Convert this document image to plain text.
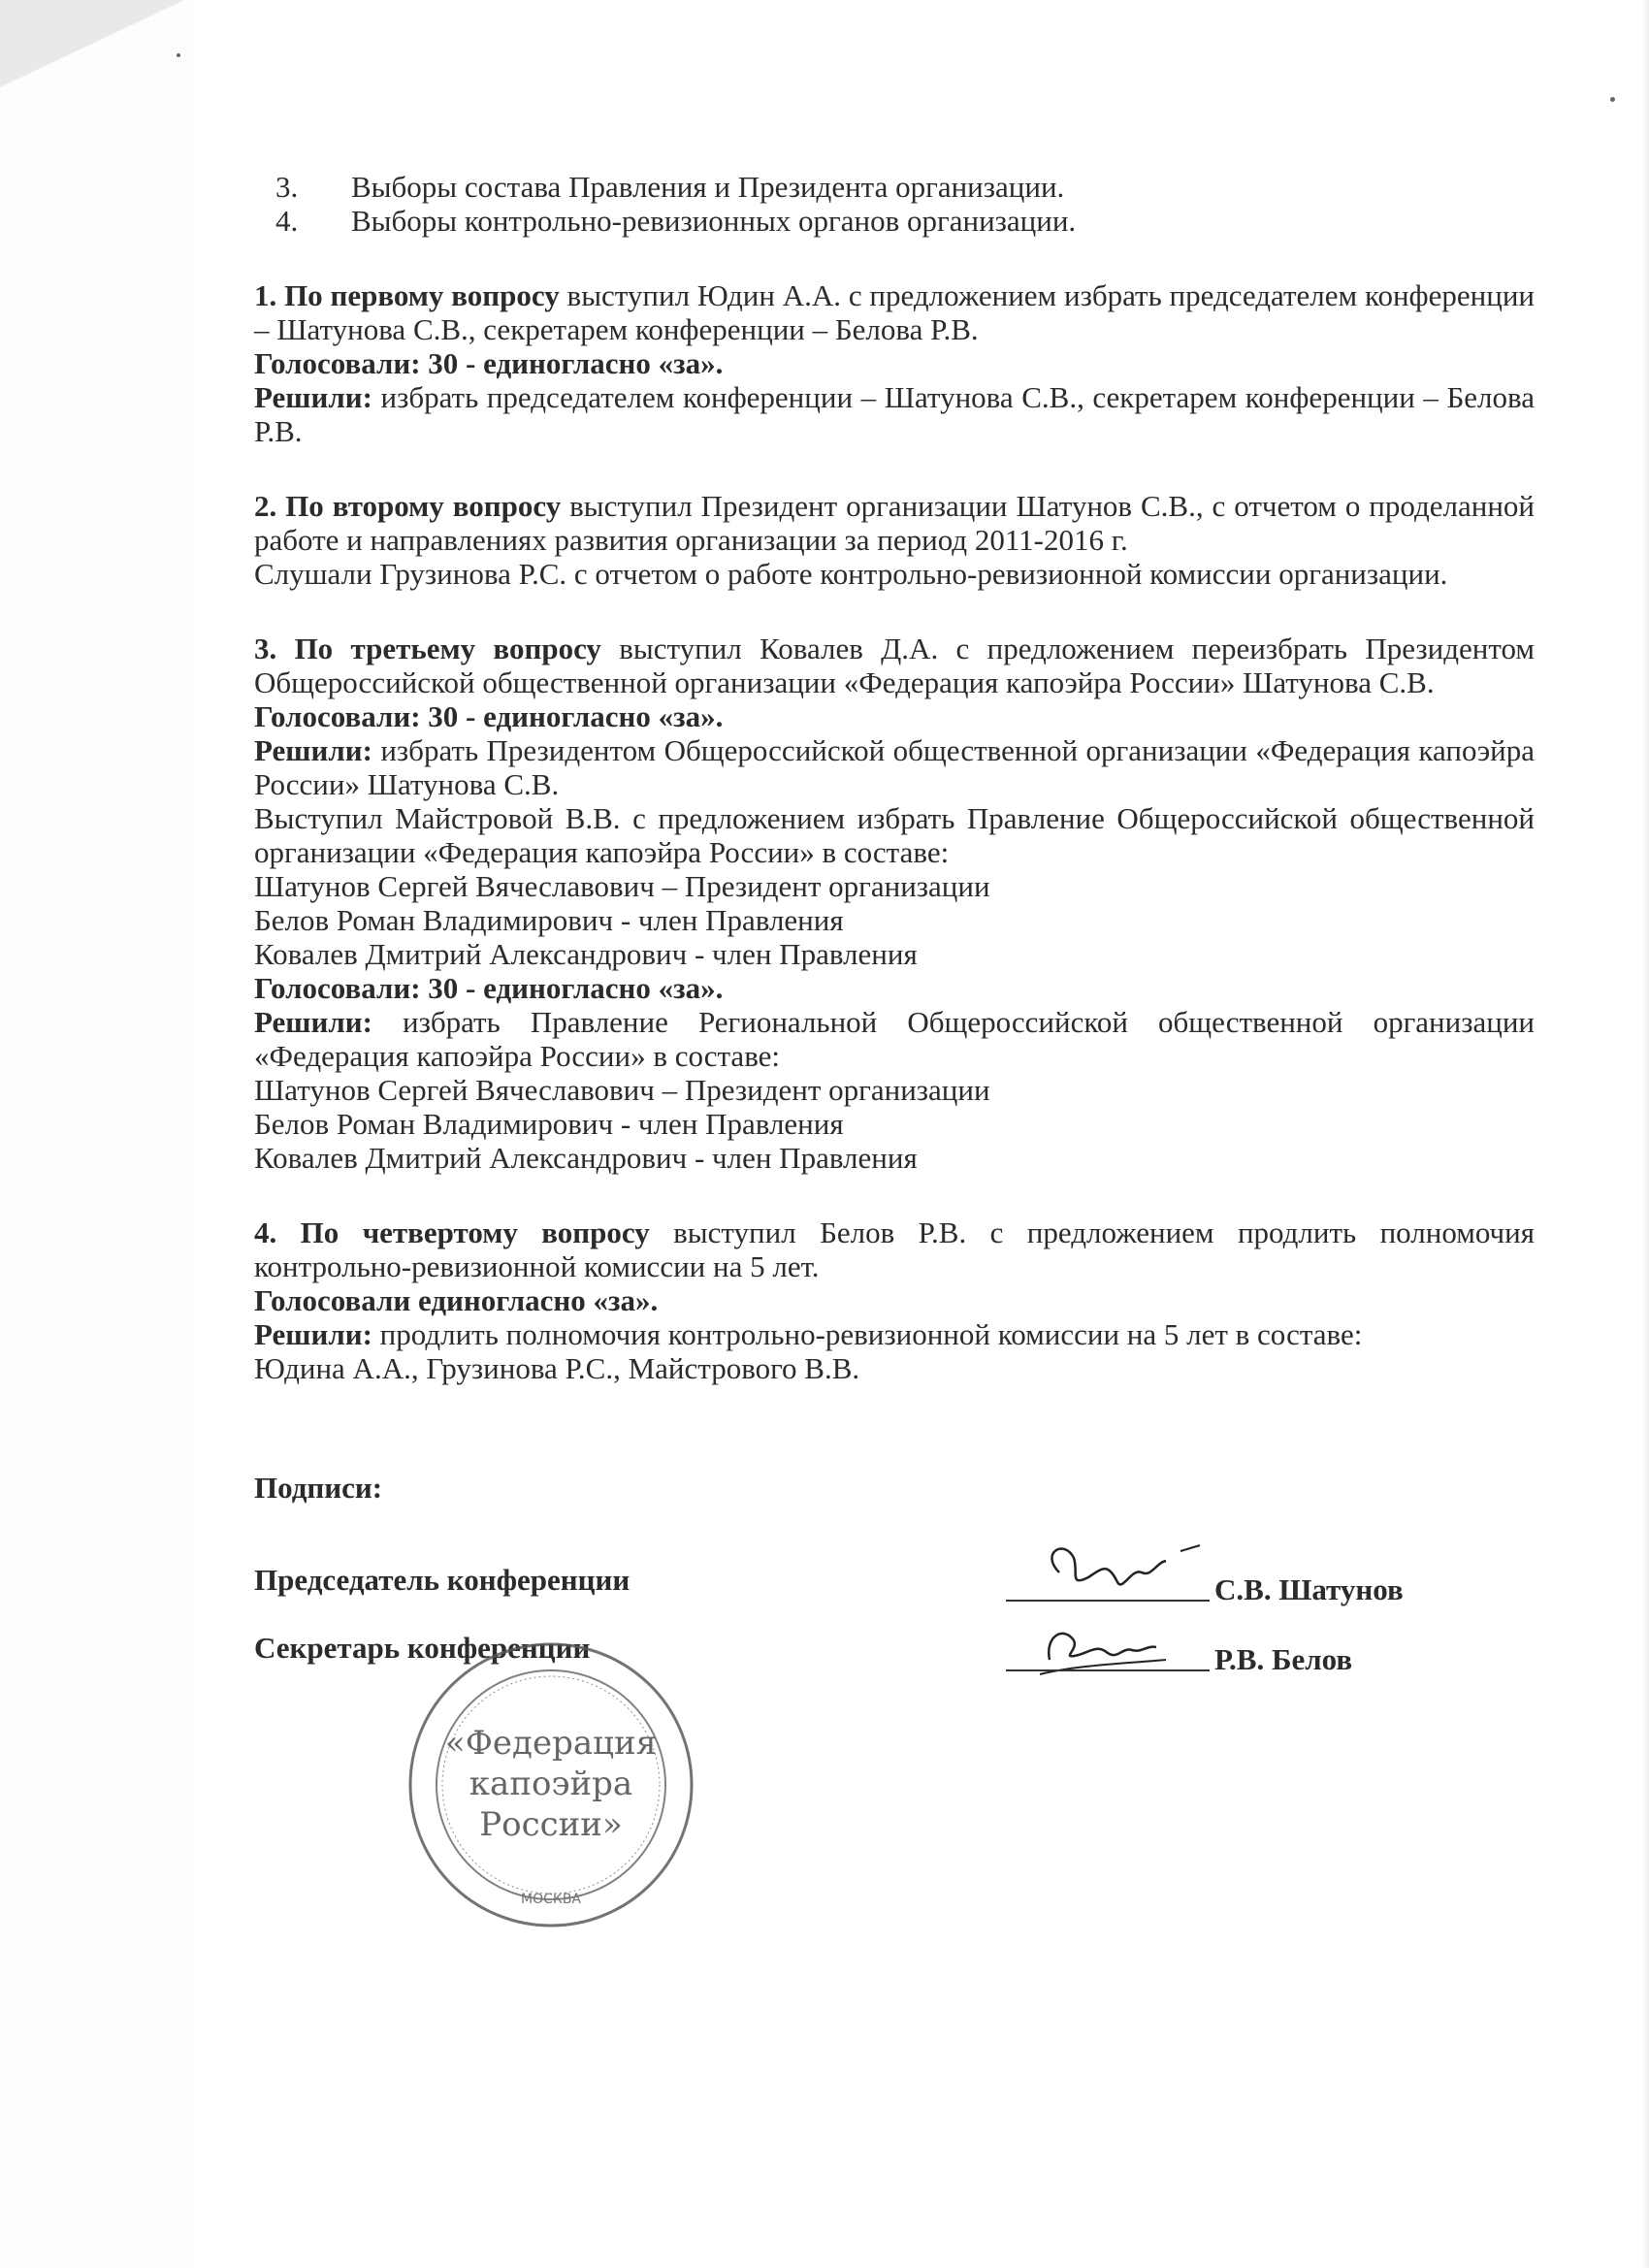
3.	Выборы состава Правления и Президента организации.
4.	Выборы контрольно-ревизионных органов организации.

1. По первому вопросу выступил Юдин А.А. с предложением избрать председателем конференции – Шатунова С.В., секретарем конференции – Белова Р.В.

Голосовали: 30 - единогласно «за».

Решили: избрать председателем конференции – Шатунова С.В., секретарем конференции – Белова Р.В.

2. По второму вопросу выступил Президент организации Шатунов С.В., с отчетом о проделанной работе и направлениях развития организации за период 2011-2016 г.

Слушали Грузинова Р.С. с отчетом о работе контрольно-ревизионной комиссии организации.

3. По третьему вопросу выступил Ковалев Д.А. с предложением переизбрать Президентом Общероссийской общественной организации «Федерация капоэйра России» Шатунова С.В.

Голосовали: 30 - единогласно «за».

Решили: избрать Президентом Общероссийской общественной организации «Федерация капоэйра России» Шатунова С.В.

Выступил Майстровой В.В. с предложением избрать Правление Общероссийской общественной организации «Федерация капоэйра России» в составе:

Шатунов Сергей Вячеславович – Президент организации

Белов Роман Владимирович - член Правления

Ковалев Дмитрий Александрович - член Правления

Голосовали: 30 - единогласно «за».

Решили: избрать Правление Региональной Общероссийской общественной организации «Федерация капоэйра России» в составе:

Шатунов Сергей Вячеславович – Президент организации

Белов Роман Владимирович - член Правления

Ковалев Дмитрий Александрович - член Правления

4. По четвертому вопросу выступил Белов Р.В. с предложением продлить полномочия контрольно-ревизионной комиссии на 5 лет.

Голосовали единогласно «за».

Решили: продлить полномочия контрольно-ревизионной комиссии на 5 лет в составе:

Юдина А.А., Грузинова Р.С., Майстрового В.В.

Подписи:

Председатель конференции	С.В. Шатунов
Секретарь конференции	Р.В. Белов
«Федерация
капоэйра
России»
МОСКВА
